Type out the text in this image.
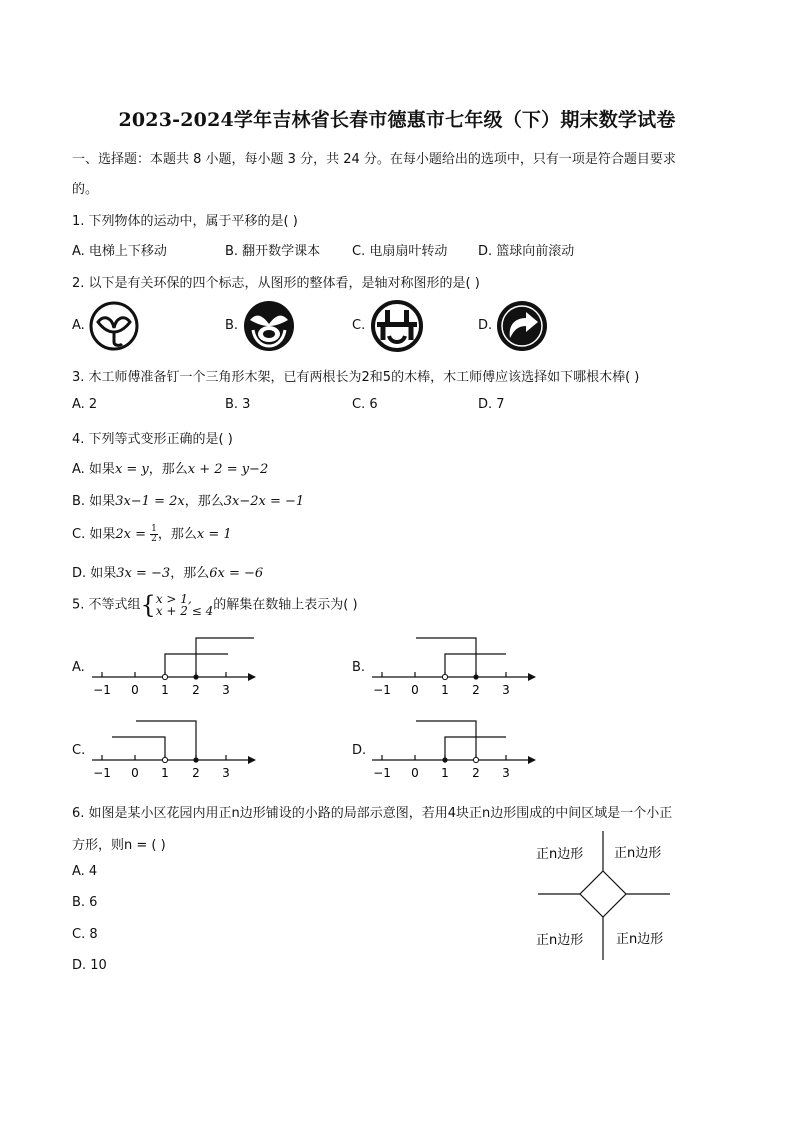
2023-2024学年吉林省长春市德惠市七年级（下）期末数学试卷
一、选择题：本题共 8 小题，每小题 3 分，共 24 分。在每小题给出的选项中，只有一项是符合题目要求
的。
1. 下列物体的运动中，属于平移的是( )
A. 电梯上下移动	B. 翻开数学课本 C. 电扇扇叶转动 D. 篮球向前滚动
2. 以下是有关环保的四个标志，从图形的整体看，是轴对称图形的是( )
A.	B.	C.	D.
3. 木工师傅准备钉一个三角形木架，已有两根长为2和5的木棒，木工师傅应该选择如下哪根木棒( )
A. 2	B. 3	C. 6	D. 7
4. 下列等式变形正确的是( )
A. 如果x = y，那么x + 2 = y−2
B. 如果3x−1 = 2x，那么3x−2x = −1
C. 如果$2x = \frac{1}{2}$ ，那么x = 1
D. 如果3x = −3，那么6x = −6
5. 不等式组{ x > 1,
x + 2 ≤ 4 的解集在数轴上表示为( )
A.
−1 0 1 2 3
B.
−1 0 1 2 3
C.
−1 0 1 2 3
D.
−1 0 1 2 3
6. 如图是某小区花园内用正n边形铺设的小路的局部示意图，若用4块正n边形围成的中间区域是一个小正
方形，则n = ( )
A. 4
B. 6
C. 8
D. 10
正n边形 正n边形
正n边形	正n边形
